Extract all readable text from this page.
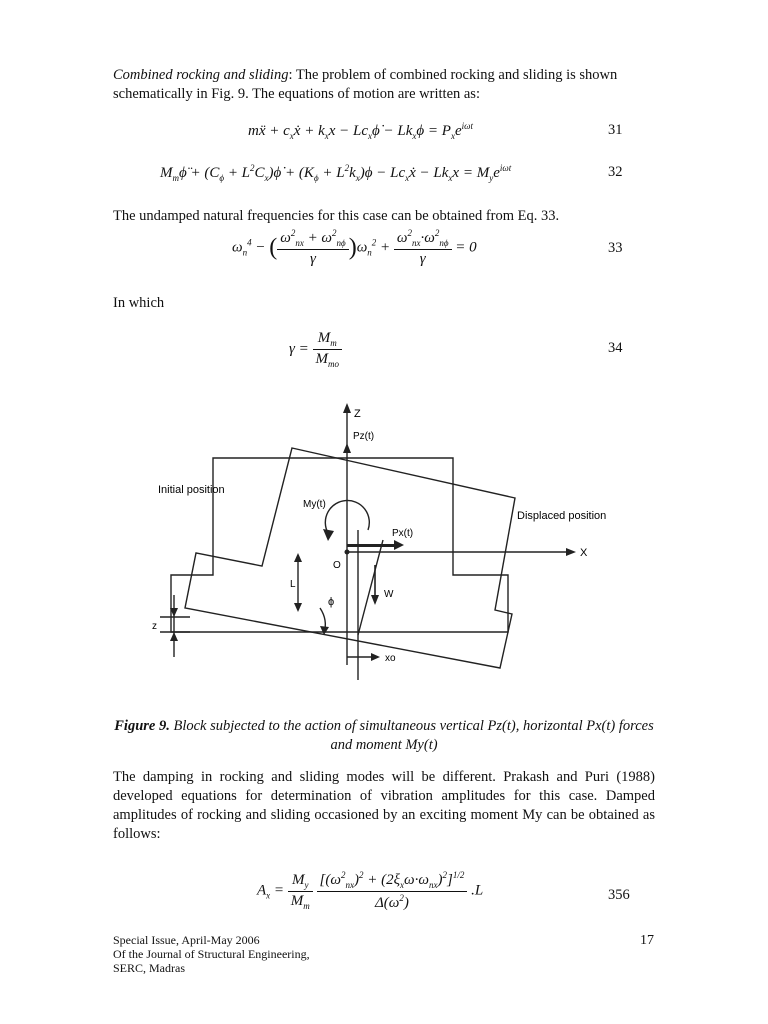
Combined rocking and sliding: The problem of combined rocking and sliding is shown schematically in Fig. 9. The equations of motion are written as:
mẍ + $c_xẋ + k_xx$ − $Lc_x\phi̇ - Lk_x\phi = P_xe^{i\omega t}$	31
$M_m\phï + (C_\phi$ + $L^2C_x)\phi̇ + (K_\phi + L^2k_x)\phi$ − $Lc_xẋ - Lk_xx = M_ye^{i\omega t}$	32
The undamped natural frequencies for this case can be obtained from Eq. 33.
$\omega_n^4$ − ( $\frac{\omega^2_{nx} + \omega^2_{n\phi}}{\gamma} )\omega_n^2 + \frac{\omega^2_{nx}\cdot\omega^2_{n\phi}}{\gamma} = 0$	33
In which
$\gamma = \frac{M_m}{M_{mo}}$	34
Z
Pz(t)
Initial position
My(t)
Displaced position
Px(t)
X
O
L
ϕ
W
z
xo
Figure 9. Block subjected to the action of simultaneous vertical Pz(t), horizontal Px(t) forces and moment My(t)
The damping in rocking and sliding modes will be different. Prakash and Puri (1988) developed equations for determination of vibration amplitudes for this case. Damped amplitudes of rocking and sliding occasioned by an exciting moment My can be obtained as follows:
$A_x = \frac{M_y}{M_m}$
$\frac{[(\omega^2_{nx})^2 + (2\xi_x\omega\cdot\omega_{nx})^2]^{1/2}}{\Delta(\omega^2)} .L$	356
Special Issue, April-May 2006
Of the Journal of Structural Engineering,
SERC, Madras
17
